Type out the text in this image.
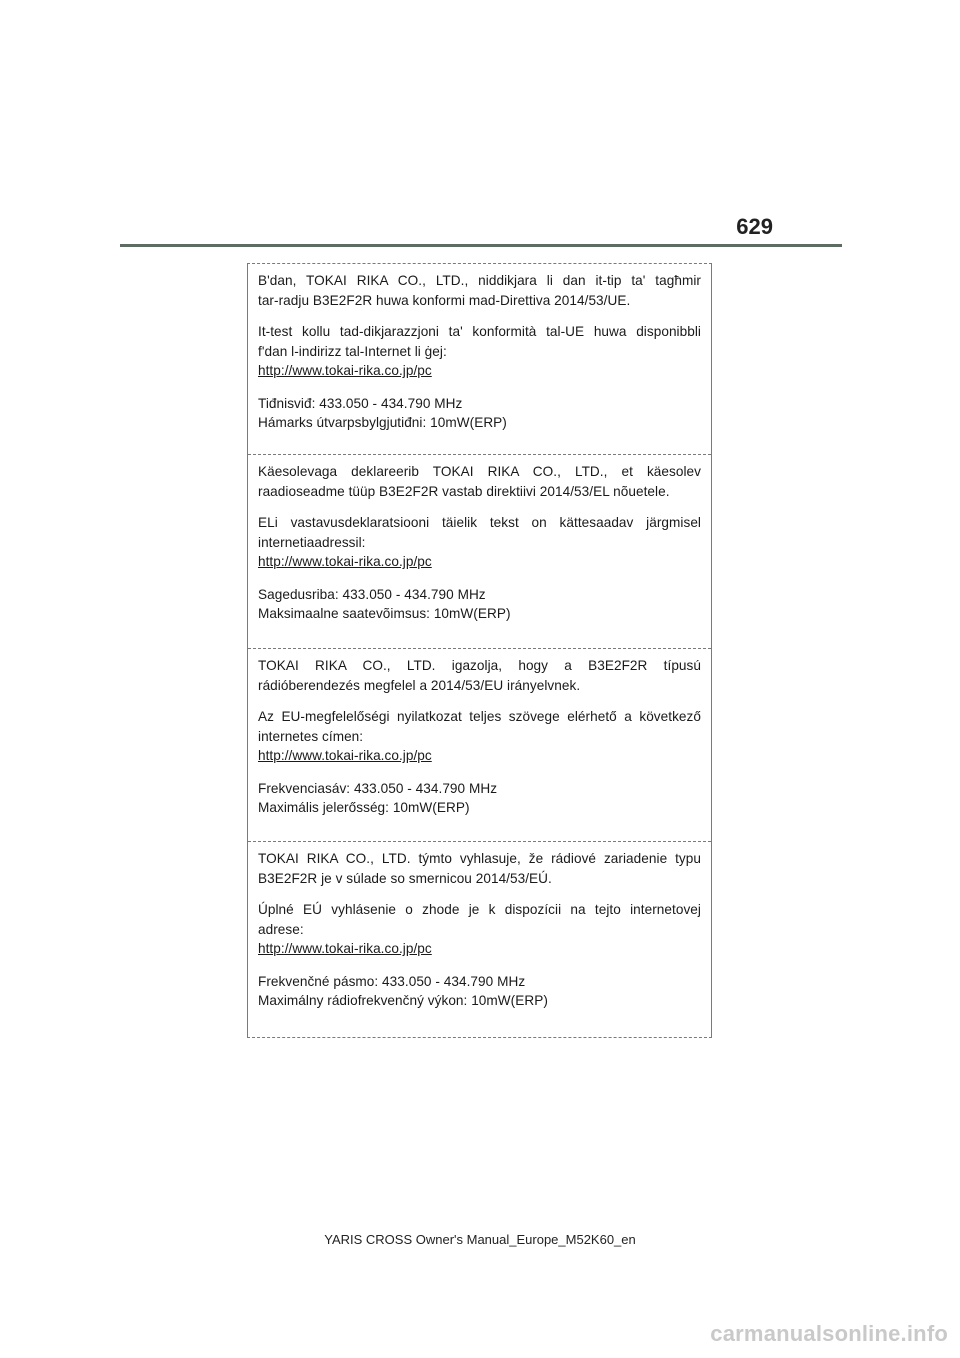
629

B'dan, TOKAI RIKA CO., LTD., niddikjara li dan it-tip ta' tagħmir

tar-radju B3E2F2R huwa konformi mad-Direttiva 2014/53/UE.

It-test kollu tad-dikjarazzjoni ta' konformità tal-UE huwa disponibbli

f'dan l-indirizz tal-Internet li ġej:

http://www.tokai-rika.co.jp/pc

Tiđnisviđ: 433.050 - 434.790 MHz

Hámarks útvarpsbylgjutiđni: 10mW(ERP)

Käesolevaga deklareerib TOKAI RIKA CO., LTD., et käesolev

raadioseadme tüüp B3E2F2R vastab direktiivi 2014/53/EL nõuetele.

ELi vastavusdeklaratsiooni täielik tekst on kättesaadav järgmisel

internetiaadressil:

http://www.tokai-rika.co.jp/pc

Sagedusriba: 433.050 - 434.790 MHz

Maksimaalne saatevõimsus: 10mW(ERP)

TOKAI RIKA CO., LTD. igazolja, hogy a B3E2F2R típusú

rádióberendezés megfelel a 2014/53/EU irányelvnek.

Az EU-megfelelőségi nyilatkozat teljes szövege elérhető a következő

internetes címen:

http://www.tokai-rika.co.jp/pc

Frekvenciasáv: 433.050 - 434.790 MHz

Maximális jelerősség: 10mW(ERP)

TOKAI RIKA CO., LTD. týmto vyhlasuje, že rádiové zariadenie typu

B3E2F2R je v súlade so smernicou 2014/53/EÚ.

Úplné EÚ vyhlásenie o zhode je k dispozícii na tejto internetovej

adrese:

http://www.tokai-rika.co.jp/pc

Frekvenčné pásmo: 433.050 - 434.790 MHz

Maximálny rádiofrekvenčný výkon: 10mW(ERP)

YARIS CROSS Owner's Manual_Europe_M52K60_en
carmanualsonline.info
